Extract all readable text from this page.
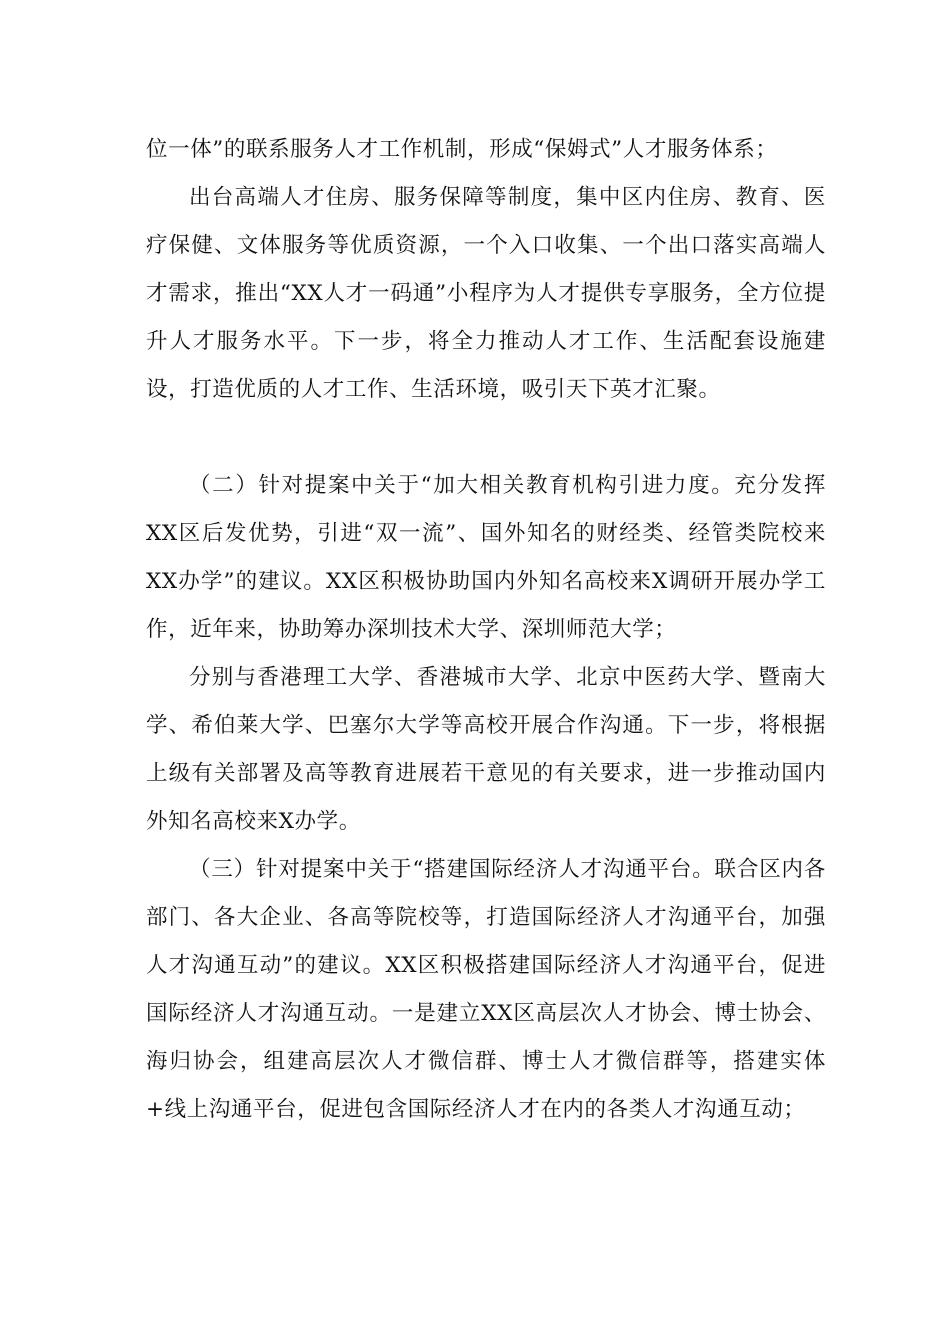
位一体”的联系服务人才工作机制，形成“保姆式”人才服务体系；

出台高端人才住房、服务保障等制度，集中区内住房、教育、医疗保健、文体服务等优质资源，一个入口收集、一个出口落实高端人才需求，推出“XX人才一码通”小程序为人才提供专享服务，全方位提升人才服务水平。下一步，将全力推动人才工作、生活配套设施建设，打造优质的人才工作、生活环境，吸引天下英才汇聚。

（二）针对提案中关于“加大相关教育机构引进力度。充分发挥XX区后发优势，引进“双一流”、国外知名的财经类、经管类院校来XX办学”的建议。XX区积极协助国内外知名高校来X调研开展办学工作，近年来，协助筹办深圳技术大学、深圳师范大学；

分别与香港理工大学、香港城市大学、北京中医药大学、暨南大学、希伯莱大学、巴塞尔大学等高校开展合作沟通。下一步，将根据上级有关部署及高等教育进展若干意见的有关要求，进一步推动国内外知名高校来X办学。

（三）针对提案中关于“搭建国际经济人才沟通平台。联合区内各部门、各大企业、各高等院校等，打造国际经济人才沟通平台，加强人才沟通互动”的建议。XX区积极搭建国际经济人才沟通平台，促进国际经济人才沟通互动。一是建立XX区高层次人才协会、博士协会、海归协会，组建高层次人才微信群、博士人才微信群等，搭建实体+线上沟通平台，促进包含国际经济人才在内的各类人才沟通互动；
